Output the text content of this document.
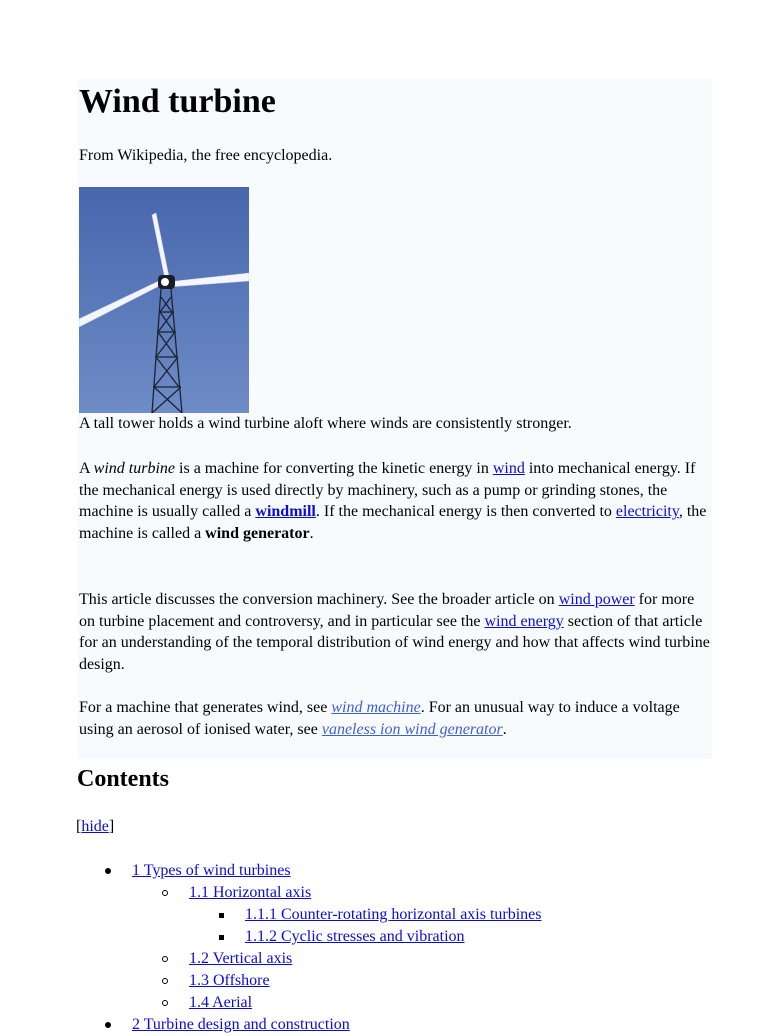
Wind turbine

From Wikipedia, the free encyclopedia.

A tall tower holds a wind turbine aloft where winds are consistently stronger.

A wind turbine is a machine for converting the kinetic energy in wind into mechanical energy. If the mechanical energy is used directly by machinery, such as a pump or grinding stones, the machine is usually called a windmill. If the mechanical energy is then converted to electricity, the machine is called a wind generator.

This article discusses the conversion machinery. See the broader article on wind power for more on turbine placement and controversy, and in particular see the wind energy section of that article for an understanding of the temporal distribution of wind energy and how that affects wind turbine design.

For a machine that generates wind, see wind machine. For an unusual way to induce a voltage using an aerosol of ionised water, see vaneless ion wind generator.

Contents

[hide]

1 Types of wind turbines
1.1 Horizontal axis
1.1.1 Counter-rotating horizontal axis turbines
1.1.2 Cyclic stresses and vibration
1.2 Vertical axis
1.3 Offshore
1.4 Aerial
2 Turbine design and construction
